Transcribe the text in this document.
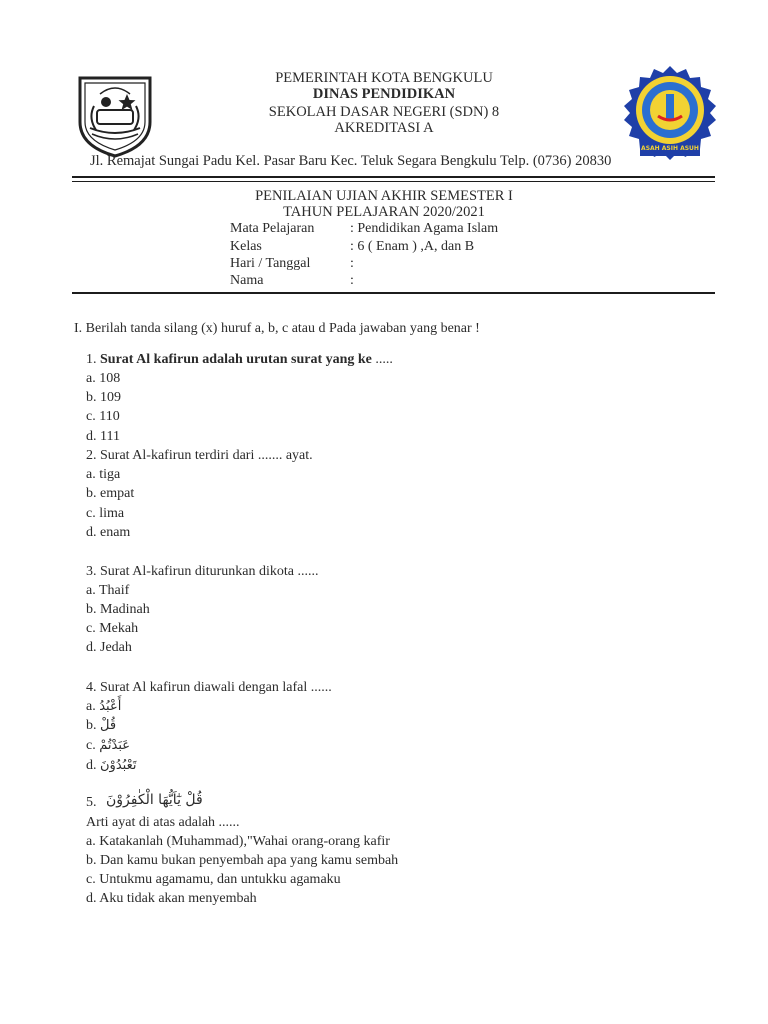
ASAH ASIH ASUH
PEMERINTAH KOTA BENGKULU
DINAS PENDIDIKAN
SEKOLAH DASAR NEGERI (SDN) 8
AKREDITASI A
Jl. Remajat Sungai Padu Kel. Pasar Baru Kec. Teluk Segara Bengkulu Telp. (0736) 20830
PENILAIAN UJIAN AKHIR SEMESTER I
TAHUN PELAJARAN 2020/2021
Mata Pelajaran	: Pendidikan Agama Islam
Kelas	: 6 ( Enam ) ,A, dan B
Hari / Tanggal	:
Nama	:
I. Berilah tanda silang (x) huruf a, b, c atau d Pada jawaban yang benar !
1. Surat Al kafirun adalah urutan surat yang ke .....
a. 108
b. 109
c. 110
d. 111
2. Surat Al-kafirun terdiri dari ....... ayat.
a. tiga
b. empat
c. lima
d. enam
3. Surat Al-kafirun diturunkan dikota ......
a. Thaif
b. Madinah
c. Mekah
d. Jedah
4. Surat Al kafirun diawali dengan lafal ......
a. أَعْبُدُ
b. قُلْ
c. عَبَدْتُمْ
d. تَعْبُدُوْنَ
5. قُلْ يٰٓاَيُّهَا الْكٰفِرُوْنَ
Arti ayat di atas adalah ......
a. Katakanlah (Muhammad),"Wahai orang-orang kafir
b. Dan kamu bukan penyembah apa yang kamu sembah
c. Untukmu agamamu, dan untukku agamaku
d. Aku tidak akan menyembah
